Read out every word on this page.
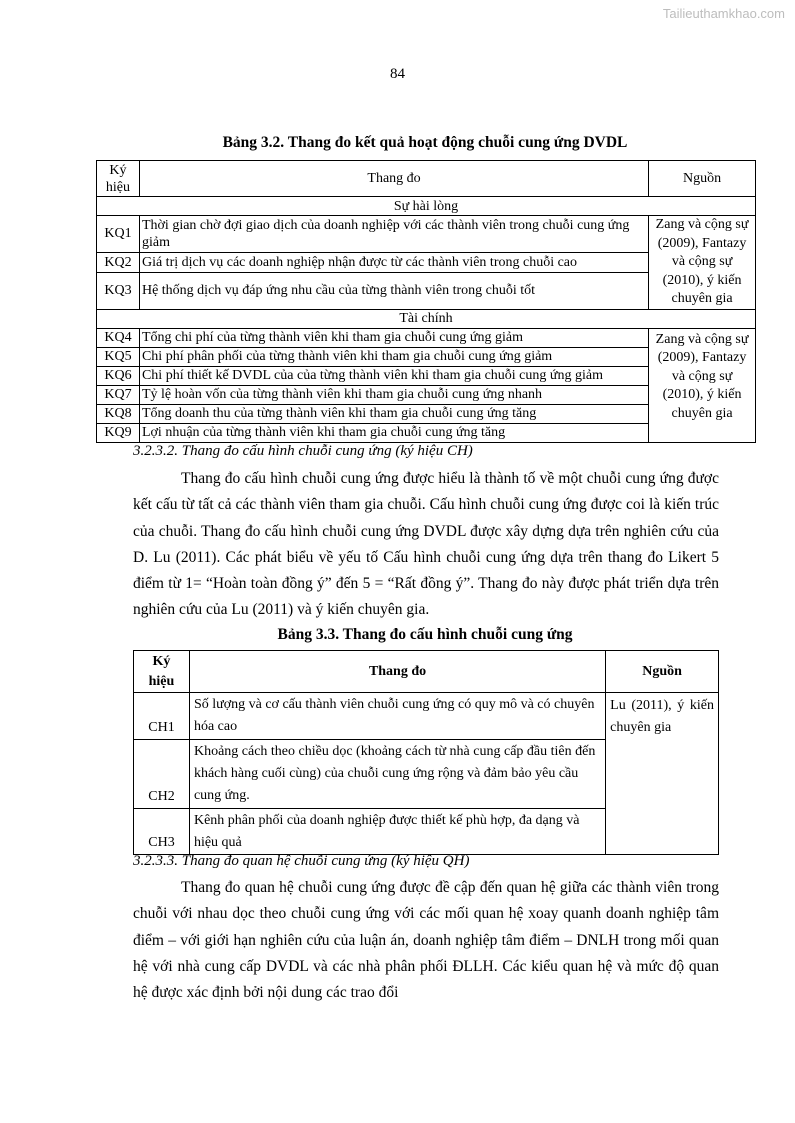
Tailieuthamkhao.com
84
Bảng 3.2. Thang đo kết quả hoạt động chuỗi cung ứng DVDL
Ký hiệu	Thang đo	Nguồn
Sự hài lòng		
KQ1	Thời gian chờ đợi giao dịch của doanh nghiệp với các thành viên trong chuỗi cung ứng giảm	Zang và cộng sự (2009), Fantazy và cộng sự (2010), ý kiến chuyên gia
KQ2	Giá trị dịch vụ các doanh nghiệp nhận được từ các thành viên trong chuỗi cao	
KQ3	Hệ thống dịch vụ đáp ứng nhu cầu của từng thành viên trong chuỗi tốt	
Tài chính		
KQ4	Tổng chi phí của từng thành viên khi tham gia chuỗi cung ứng giảm	Zang và cộng sự (2009), Fantazy và cộng sự (2010), ý kiến chuyên gia
KQ5	Chi phí phân phối của từng thành viên khi tham gia chuỗi cung ứng giảm	
KQ6	Chi phí thiết kế DVDL của của từng thành viên khi tham gia chuỗi cung ứng giảm	
KQ7	Tỷ lệ hoàn vốn của từng thành viên khi tham gia chuỗi cung ứng nhanh	
KQ8	Tổng doanh thu của từng thành viên khi tham gia chuỗi cung ứng tăng	
KQ9	Lợi nhuận của từng thành viên khi tham gia chuỗi cung ứng tăng	
3.2.3.2. Thang đo cấu hình chuỗi cung ứng (ký hiệu CH)

Thang đo cấu hình chuỗi cung ứng được hiểu là thành tố về một chuỗi cung ứng được kết cấu từ tất cả các thành viên tham gia chuỗi. Cấu hình chuỗi cung ứng được coi là kiến trúc của chuỗi. Thang đo cấu hình chuỗi cung ứng DVDL được xây dựng dựa trên nghiên cứu của D. Lu (2011). Các phát biểu về yếu tố Cấu hình chuỗi cung ứng dựa trên thang đo Likert 5 điểm từ 1= “Hoàn toàn đồng ý” đến 5 = “Rất đồng ý”. Thang đo này được phát triển dựa trên nghiên cứu của Lu (2011) và ý kiến chuyên gia.

Bảng 3.3. Thang đo cấu hình chuỗi cung ứng
Ký hiệu	Thang đo	Nguồn
CH1	Số lượng và cơ cấu thành viên chuỗi cung ứng có quy mô và có chuyên hóa cao	Lu (2011), ý kiến chuyên gia
CH2	Khoảng cách theo chiều dọc (khoảng cách từ nhà cung cấp đầu tiên đến khách hàng cuối cùng) của chuỗi cung ứng rộng và đảm bảo yêu cầu cung ứng.	
CH3	Kênh phân phối của doanh nghiệp được thiết kế phù hợp, đa dạng và hiệu quả	
3.2.3.3. Thang đo quan hệ chuỗi cung ứng (ký hiệu QH)

Thang đo quan hệ chuỗi cung ứng được đề cập đến quan hệ giữa các thành viên trong chuỗi với nhau dọc theo chuỗi cung ứng với các mối quan hệ xoay quanh doanh nghiệp tâm điểm – với giới hạn nghiên cứu của luận án, doanh nghiệp tâm điểm – DNLH trong mối quan hệ với nhà cung cấp DVDL và các nhà phân phối ĐLLH. Các kiểu quan hệ và mức độ quan hệ được xác định bởi nội dung các trao đổi
